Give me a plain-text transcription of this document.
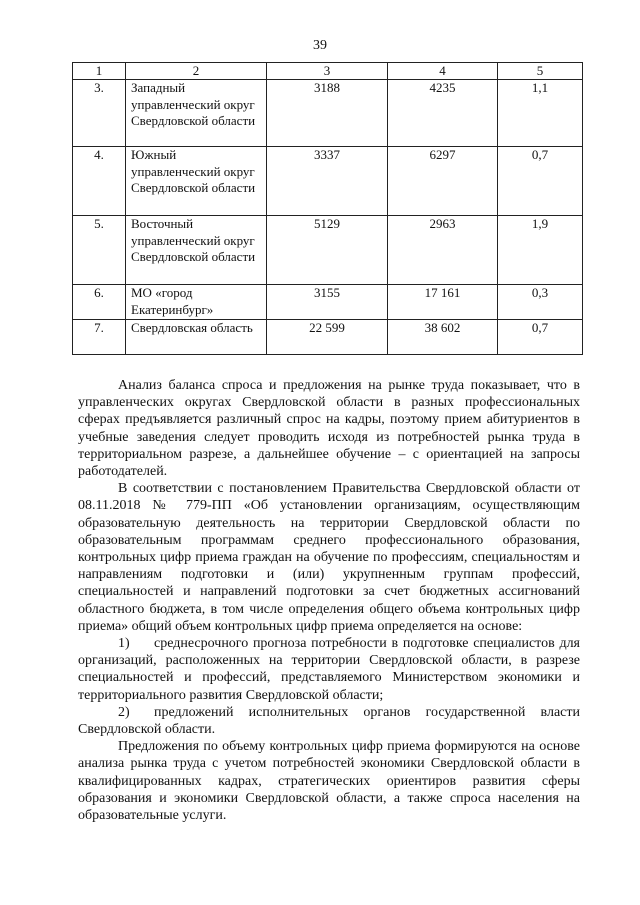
39
1	2	3	4	5
3.	Западный управленческий округ Свердловской области	3188	4235	1,1
4.	Южный управленческий округ Свердловской области	3337	6297	0,7
5.	Восточный управленческий округ Свердловской области	5129	2963	1,9
6.	МО «город Екатеринбург»	3155	17 161	0,3
7.	Свердловская область	22 599	38 602	0,7

Анализ баланса спроса и предложения на рынке труда показывает, что в управленческих округах Свердловской области в разных профессиональных сферах предъявляется различный спрос на кадры, поэтому прием абитуриентов в учебные заведения следует проводить исходя из потребностей рынка труда в территориальном разрезе, а дальнейшее обучение – с ориентацией на запросы работодателей.

В соответствии с постановлением Правительства Свердловской области от 08.11.2018 № 779-ПП «Об установлении организациям, осуществляющим образовательную деятельность на территории Свердловской области по образовательным программам среднего профессионального образования, контрольных цифр приема граждан на обучение по профессиям, специальностям и направлениям подготовки и (или) укрупненным группам профессий, специальностей и направлений подготовки за счет бюджетных ассигнований областного бюджета, в том числе определения общего объема контрольных цифр приема» общий объем контрольных цифр приема определяется на основе:

1) среднесрочного прогноза потребности в подготовке специалистов для организаций, расположенных на территории Свердловской области, в разрезе специальностей и профессий, представляемого Министерством экономики и территориального развития Свердловской области;

2) предложений исполнительных органов государственной власти Свердловской области.

Предложения по объему контрольных цифр приема формируются на основе анализа рынка труда с учетом потребностей экономики Свердловской области в квалифицированных кадрах, стратегических ориентиров развития сферы образования и экономики Свердловской области, а также спроса населения на образовательные услуги.
